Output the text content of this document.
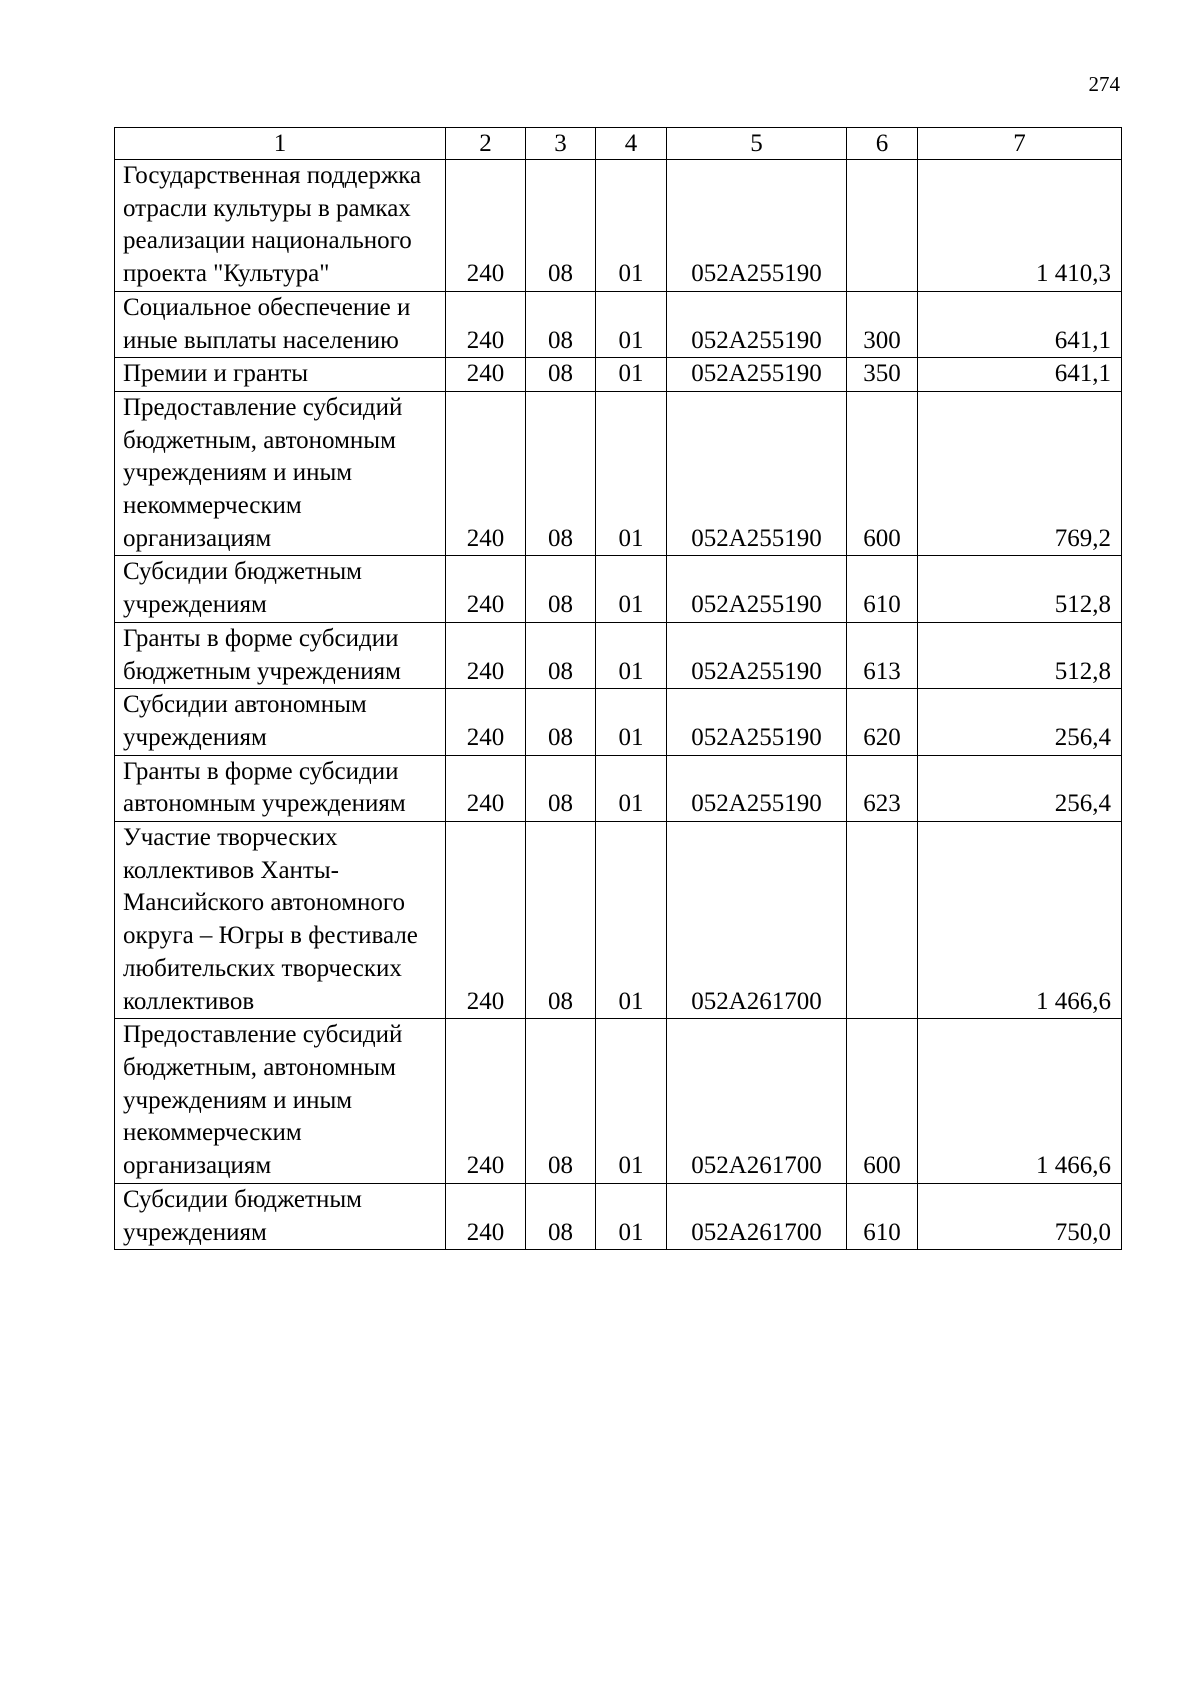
274
1	2	3	4	5	6	7
Государственная поддержка отрасли культуры в рамках реализации национального проекта "Культура"	240	08	01	052A255190		1 410,3
Социальное обеспечение и иные выплаты населению	240	08	01	052A255190	300	641,1
Премии и гранты	240	08	01	052A255190	350	641,1
Предоставление субсидий бюджетным, автономным учреждениям и иным некоммерческим организациям	240	08	01	052A255190	600	769,2
Субсидии бюджетным учреждениям	240	08	01	052A255190	610	512,8
Гранты в форме субсидии бюджетным учреждениям	240	08	01	052A255190	613	512,8
Субсидии автономным учреждениям	240	08	01	052A255190	620	256,4
Гранты в форме субсидии автономным учреждениям	240	08	01	052A255190	623	256,4
Участие творческих коллективов Ханты-Мансийского автономного округа – Югры в фестивале любительских творческих коллективов	240	08	01	052A261700		1 466,6
Предоставление субсидий бюджетным, автономным учреждениям и иным некоммерческим организациям	240	08	01	052A261700	600	1 466,6
Субсидии бюджетным учреждениям	240	08	01	052A261700	610	750,0
